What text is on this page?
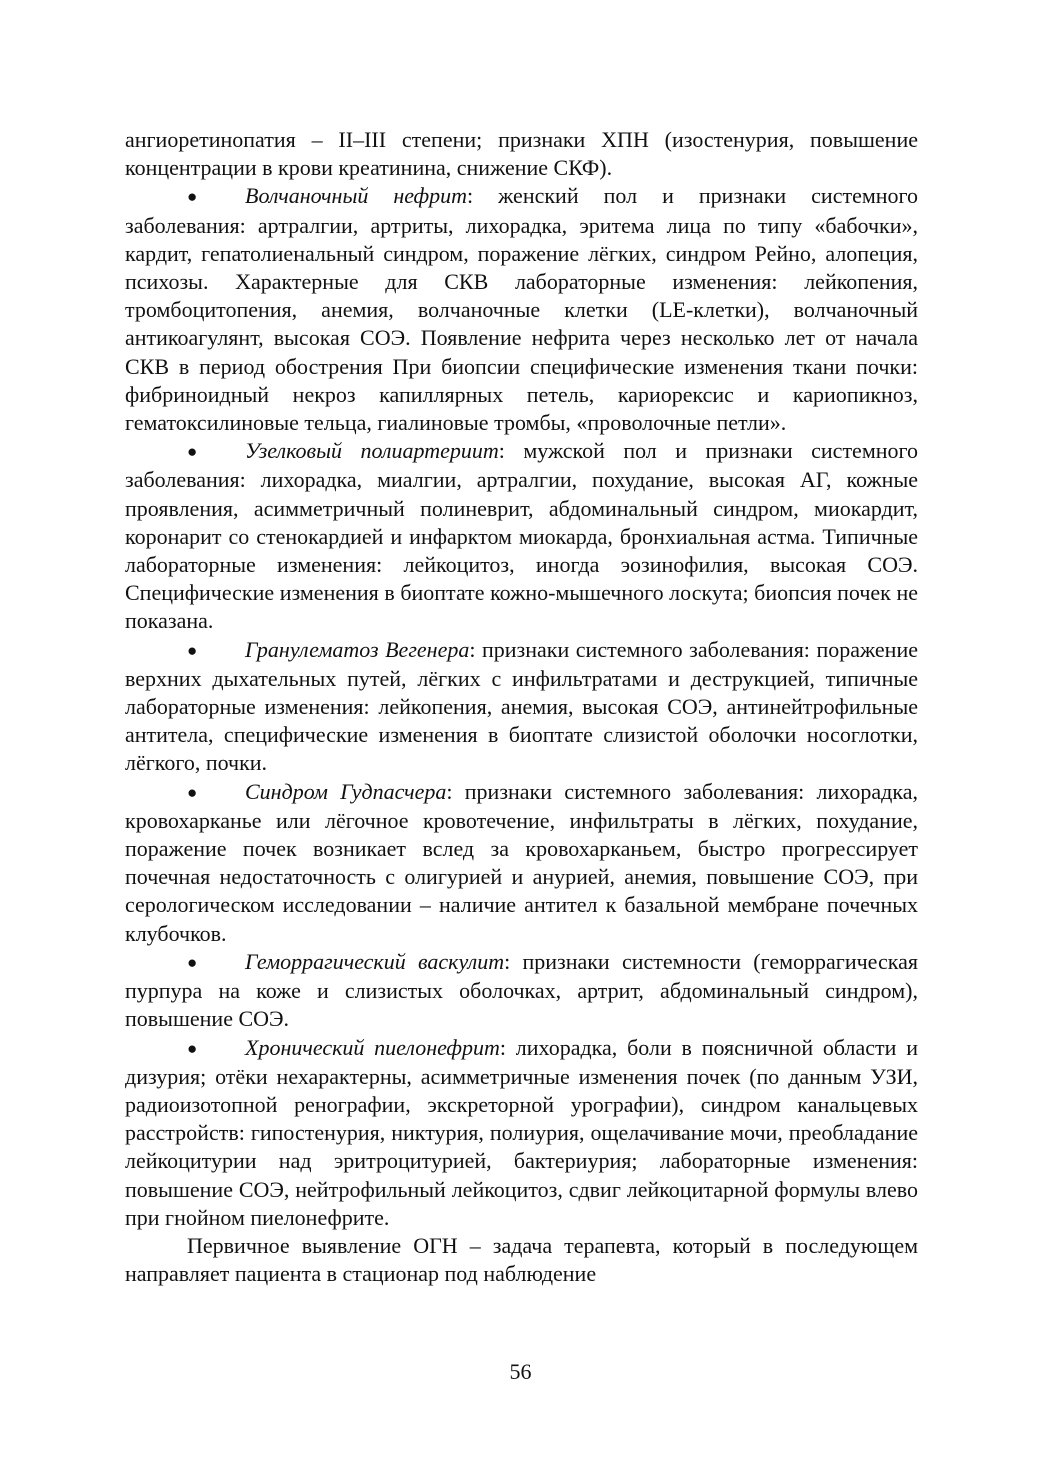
ангиоретинопатия – II–III степени; признаки ХПН (изостенурия, повышение концентрации в крови креатинина, снижение СКФ).

● Волчаночный нефрит: женский пол и признаки системного заболевания: артралгии, артриты, лихорадка, эритема лица по типу «бабочки», кардит, гепатолиенальный синдром, поражение лёгких, синдром Рейно, алопеция, психозы. Характерные для СКВ лабораторные изменения: лейкопения, тромбоцитопения, анемия, волчаночные клетки (LE-клетки), волчаночный антикоагулянт, высокая СОЭ. Появление нефрита через несколько лет от начала СКВ в период обострения При биопсии специфические изменения ткани почки: фибриноидный некроз капиллярных петель, кариорексис и кариопикноз, гематоксилиновые тельца, гиалиновые тромбы, «проволочные петли».

● Узелковый полиартериит: мужской пол и признаки системного заболевания: лихорадка, миалгии, артралгии, похудание, высокая АГ, кожные проявления, асимметричный полиневрит, абдоминальный синдром, миокардит, коронарит со стенокардией и инфарктом миокарда, бронхиальная астма. Типичные лабораторные изменения: лейкоцитоз, иногда эозинофилия, высокая СОЭ. Специфические изменения в биоптате кожно-мышечного лоскута; биопсия почек не показана.

● Гранулематоз Вегенера: признаки системного заболевания: поражение верхних дыхательных путей, лёгких с инфильтратами и деструкцией, типичные лабораторные изменения: лейкопения, анемия, высокая СОЭ, антинейтрофильные антитела, специфические изменения в биоптате слизистой оболочки носоглотки, лёгкого, почки.

● Синдром Гудпасчера: признаки системного заболевания: лихорадка, кровохарканье или лёгочное кровотечение, инфильтраты в лёгких, похудание, поражение почек возникает вслед за кровохарканьем, быстро прогрессирует почечная недостаточность с олигурией и анурией, анемия, повышение СОЭ, при серологическом исследовании – наличие антител к базальной мембране почечных клубочков.

● Геморрагический васкулит: признаки системности (геморрагическая пурпура на коже и слизистых оболочках, артрит, абдоминальный синдром), повышение СОЭ.

● Хронический пиелонефрит: лихорадка, боли в поясничной области и дизурия; отёки нехарактерны, асимметричные изменения почек (по данным УЗИ, радиоизотопной ренографии, экскреторной урографии), синдром канальцевых расстройств: гипостенурия, никтурия, полиурия, ощелачивание мочи, преобладание лейкоцитурии над эритроцитурией, бактериурия; лабораторные изменения: повышение СОЭ, нейтрофильный лейкоцитоз, сдвиг лейкоцитарной формулы влево при гнойном пиелонефрите.

Первичное выявление ОГН – задача терапевта, который в последующем направляет пациента в стационар под наблюдение

56
